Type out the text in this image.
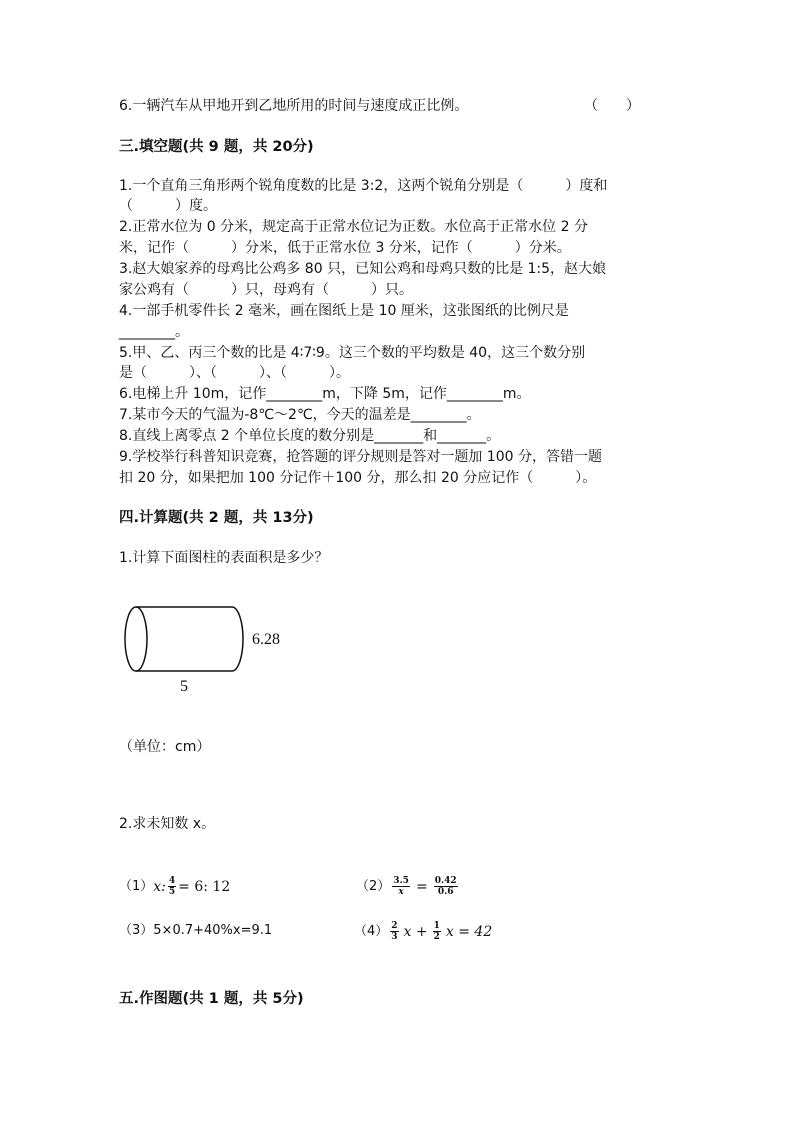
6.一辆汽车从甲地开到乙地所用的时间与速度成正比例。	（　　）
三.填空题(共 9 题，共 20分)
1.一个直角三角形两个锐角度数的比是 3:2，这两个锐角分别是（　　　）度和
（　　　）度。
2.正常水位为 0 分米，规定高于正常水位记为正数。水位高于正常水位 2 分
米，记作（　　　）分米，低于正常水位 3 分米，记作（　　　）分米。
3.赵大娘家养的母鸡比公鸡多 80 只，已知公鸡和母鸡只数的比是 1:5，赵大娘
家公鸡有（　　　）只，母鸡有（　　　）只。
4.一部手机零件长 2 毫米，画在图纸上是 10 厘米，这张图纸的比例尺是
________。
5.甲、乙、丙三个数的比是 4∶7∶9。这三个数的平均数是 40，这三个数分别
是（　　　）、（　　　）、（　　　）。
6.电梯上升 10m，记作________m，下降 5m，记作________m。
7.某市今天的气温为-8℃～2℃，今天的温差是________。
8.直线上离零点 2 个单位长度的数分别是_______和_______。
9.学校举行科普知识竞赛，抢答题的评分规则是答对一题加 100 分，答错一题
扣 20 分，如果把加 100 分记作＋100 分，那么扣 20 分应记作（　　　）。
四.计算题(共 2 题，共 13分)
1.计算下面图柱的表面积是多少？
6.28
5
（单位：cm）
2.求未知数 x。
（1） x: $\frac{4}{5} = 6$: 12	$(2) \frac{3.5}{x} = \frac{0.42}{0.6}$
（3） 5×0.7+40%x=9.1	$(4) \frac{2}{3}$ $x + \frac{1}{2}$ x = 42
五.作图题(共 1 题，共 5分)
